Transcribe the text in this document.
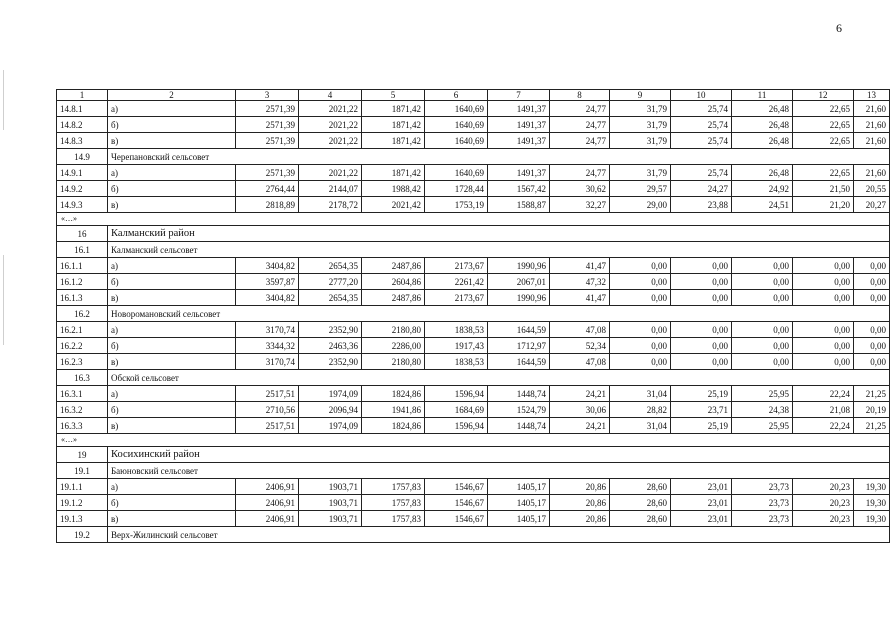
6
1	2	3	4	5	6	7	8	9	10	11	12	13
14.8.1	а)	2571,39	2021,22	1871,42	1640,69	1491,37	24,77	31,79	25,74	26,48	22,65	21,60
14.8.2	б)	2571,39	2021,22	1871,42	1640,69	1491,37	24,77	31,79	25,74	26,48	22,65	21,60
14.8.3	в)	2571,39	2021,22	1871,42	1640,69	1491,37	24,77	31,79	25,74	26,48	22,65	21,60
14.9	Черепановский сельсовет											
14.9.1	а)	2571,39	2021,22	1871,42	1640,69	1491,37	24,77	31,79	25,74	26,48	22,65	21,60
14.9.2	б)	2764,44	2144,07	1988,42	1728,44	1567,42	30,62	29,57	24,27	24,92	21,50	20,55
14.9.3	в)	2818,89	2178,72	2021,42	1753,19	1588,87	32,27	29,00	23,88	24,51	21,20	20,27
«…»												
16	Калманский район											
16.1	Калманский сельсовет											
16.1.1	а)	3404,82	2654,35	2487,86	2173,67	1990,96	41,47	0,00	0,00	0,00	0,00	0,00
16.1.2	б)	3597,87	2777,20	2604,86	2261,42	2067,01	47,32	0,00	0,00	0,00	0,00	0,00
16.1.3	в)	3404,82	2654,35	2487,86	2173,67	1990,96	41,47	0,00	0,00	0,00	0,00	0,00
16.2	Новороманoвский сельсовет											
16.2.1	а)	3170,74	2352,90	2180,80	1838,53	1644,59	47,08	0,00	0,00	0,00	0,00	0,00
16.2.2	б)	3344,32	2463,36	2286,00	1917,43	1712,97	52,34	0,00	0,00	0,00	0,00	0,00
16.2.3	в)	3170,74	2352,90	2180,80	1838,53	1644,59	47,08	0,00	0,00	0,00	0,00	0,00
16.3	Обской сельсовет											
16.3.1	а)	2517,51	1974,09	1824,86	1596,94	1448,74	24,21	31,04	25,19	25,95	22,24	21,25
16.3.2	б)	2710,56	2096,94	1941,86	1684,69	1524,79	30,06	28,82	23,71	24,38	21,08	20,19
16.3.3	в)	2517,51	1974,09	1824,86	1596,94	1448,74	24,21	31,04	25,19	25,95	22,24	21,25
«…»												
19	Косихинский район											
19.1	Баюновский сельсовет											
19.1.1	а)	2406,91	1903,71	1757,83	1546,67	1405,17	20,86	28,60	23,01	23,73	20,23	19,30
19.1.2	б)	2406,91	1903,71	1757,83	1546,67	1405,17	20,86	28,60	23,01	23,73	20,23	19,30
19.1.3	в)	2406,91	1903,71	1757,83	1546,67	1405,17	20,86	28,60	23,01	23,73	20,23	19,30
19.2	Верх-Жилинский сельсовет											
